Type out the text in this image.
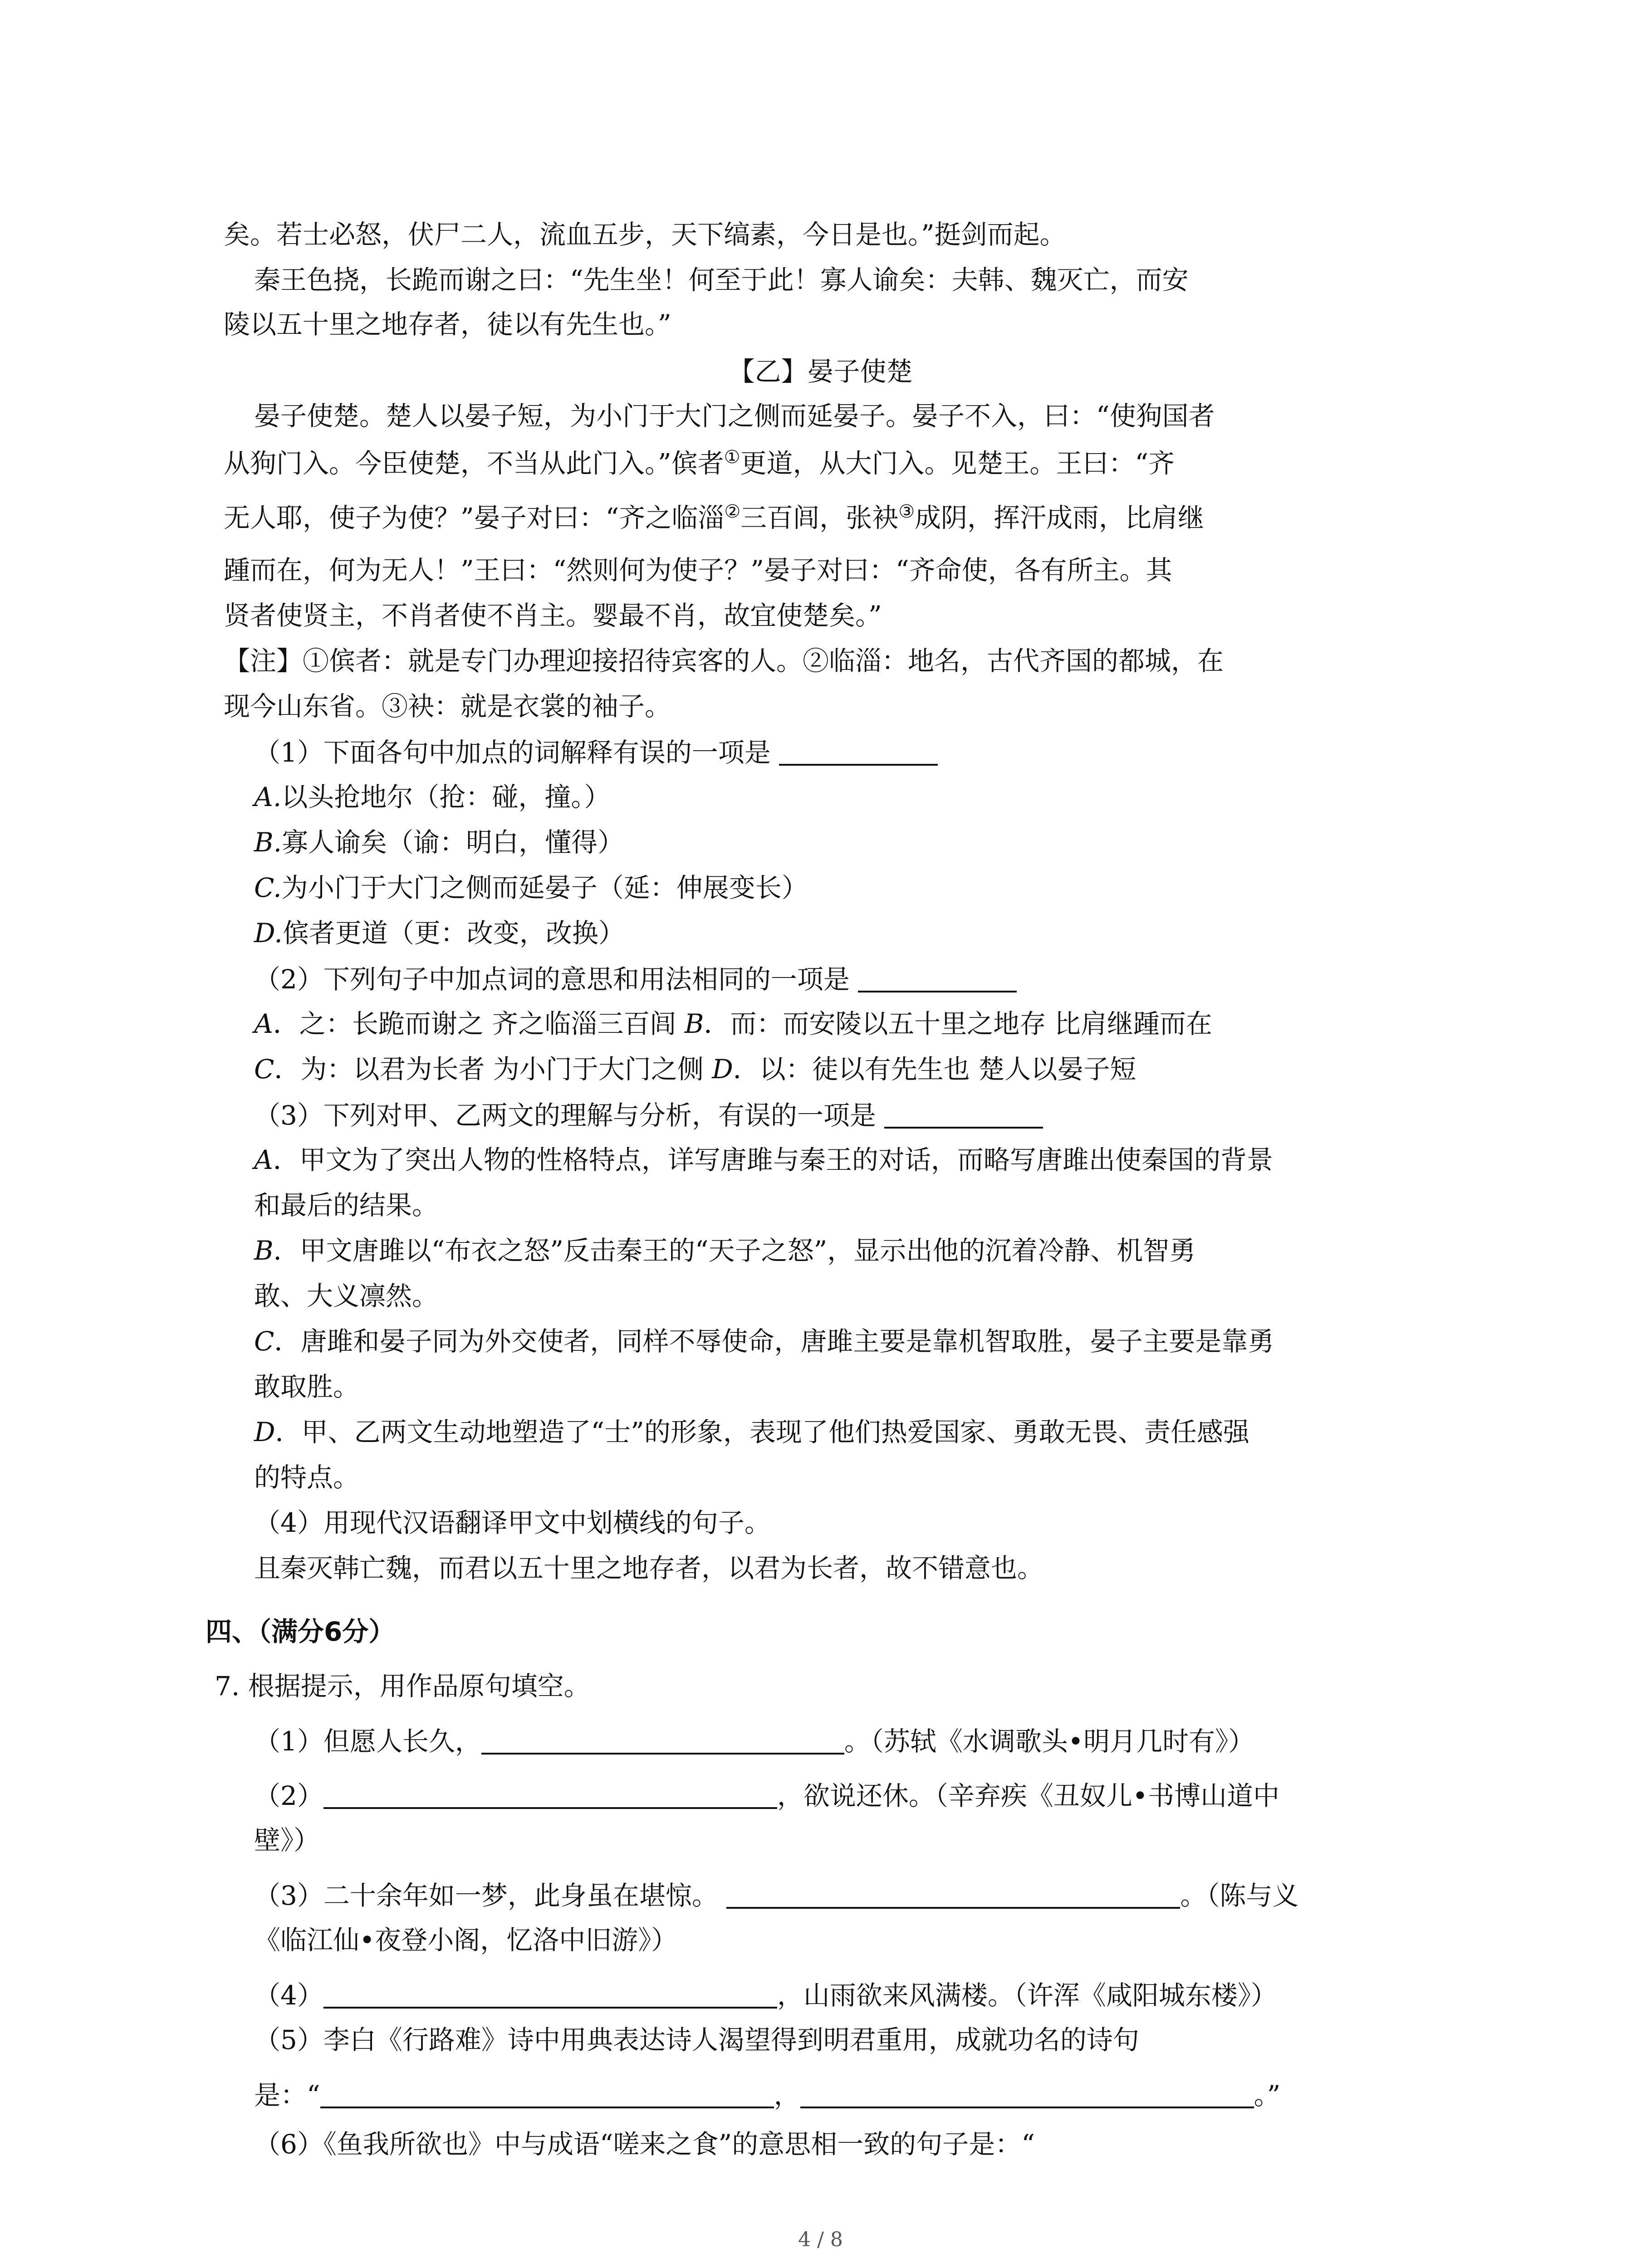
矣。若士必怒，伏尸二人，流血五步，天下缟素，今日是也。”挺剑而起。
秦王色挠，长跪而谢之曰：“先生坐！何至于此！寡人谕矣：夫韩、魏灭亡，而安
陵以五十里之地存者，徒以有先生也。”
【乙】晏子使楚
晏子使楚。楚人以晏子短，为小门于大门之侧而延晏子。晏子不入，曰：“使狗国者
从狗门入。今臣使楚，不当从此门入。”傧者①更道，从大门入。见楚王。王曰：“齐
无人耶，使子为使？”晏子对曰：“齐之临淄②三百闾，张袂③成阴，挥汗成雨，比肩继
踵而在，何为无人！”王曰：“然则何为使子？”晏子对曰：“齐命使，各有所主。其
贤者使贤主，不肖者使不肖主。婴最不肖，故宜使楚矣。”
【注】①傧者：就是专门办理迎接招待宾客的人。②临淄：地名，古代齐国的都城，在
现今山东省。③袂：就是衣裳的袖子。
（1）下面各句中加点的词解释有误的一项是
A.以头抢地尔（抢：碰，撞。）
B.寡人谕矣（谕：明白，懂得）
C.为小门于大门之侧而延晏子（延：伸展变长）
D.傧者更道（更：改变，改换）
（2）下列句子中加点词的意思和用法相同的一项是
A．之：长跪而谢之 齐之临淄三百闾 B．而：而安陵以五十里之地存 比肩继踵而在
C．为：以君为长者 为小门于大门之侧 D．以：徒以有先生也 楚人以晏子短
（3）下列对甲、乙两文的理解与分析，有误的一项是
A．甲文为了突出人物的性格特点，详写唐雎与秦王的对话，而略写唐雎出使秦国的背景
和最后的结果。
B．甲文唐雎以“布衣之怒”反击秦王的“天子之怒”，显示出他的沉着冷静、机智勇
敢、大义凛然。
C．唐雎和晏子同为外交使者，同样不辱使命，唐雎主要是靠机智取胜，晏子主要是靠勇
敢取胜。
D．甲、乙两文生动地塑造了“士”的形象，表现了他们热爱国家、勇敢无畏、责任感强
的特点。
（4）用现代汉语翻译甲文中划横线的句子。
且秦灭韩亡魏，而君以五十里之地存者，以君为长者，故不错意也。
四、（满分6分）
7. 根据提示，用作品原句填空。
（1）但愿人长久，	。（苏轼《水调歌头•明月几时有》）
（2）	，欲说还休。（辛弃疾《丑奴儿•书博山道中
壁》）
（3）二十余年如一梦，此身虽在堪惊。	。（陈与义
《临江仙•夜登小阁，忆洛中旧游》）
（4）	，山雨欲来风满楼。（许浑《咸阳城东楼》）
（5）李白《行路难》诗中用典表达诗人渴望得到明君重用，成就功名的诗句
是：“	，	。”
（6）《鱼我所欲也》中与成语“嗟来之食”的意思相一致的句子是：“
4 / 8
